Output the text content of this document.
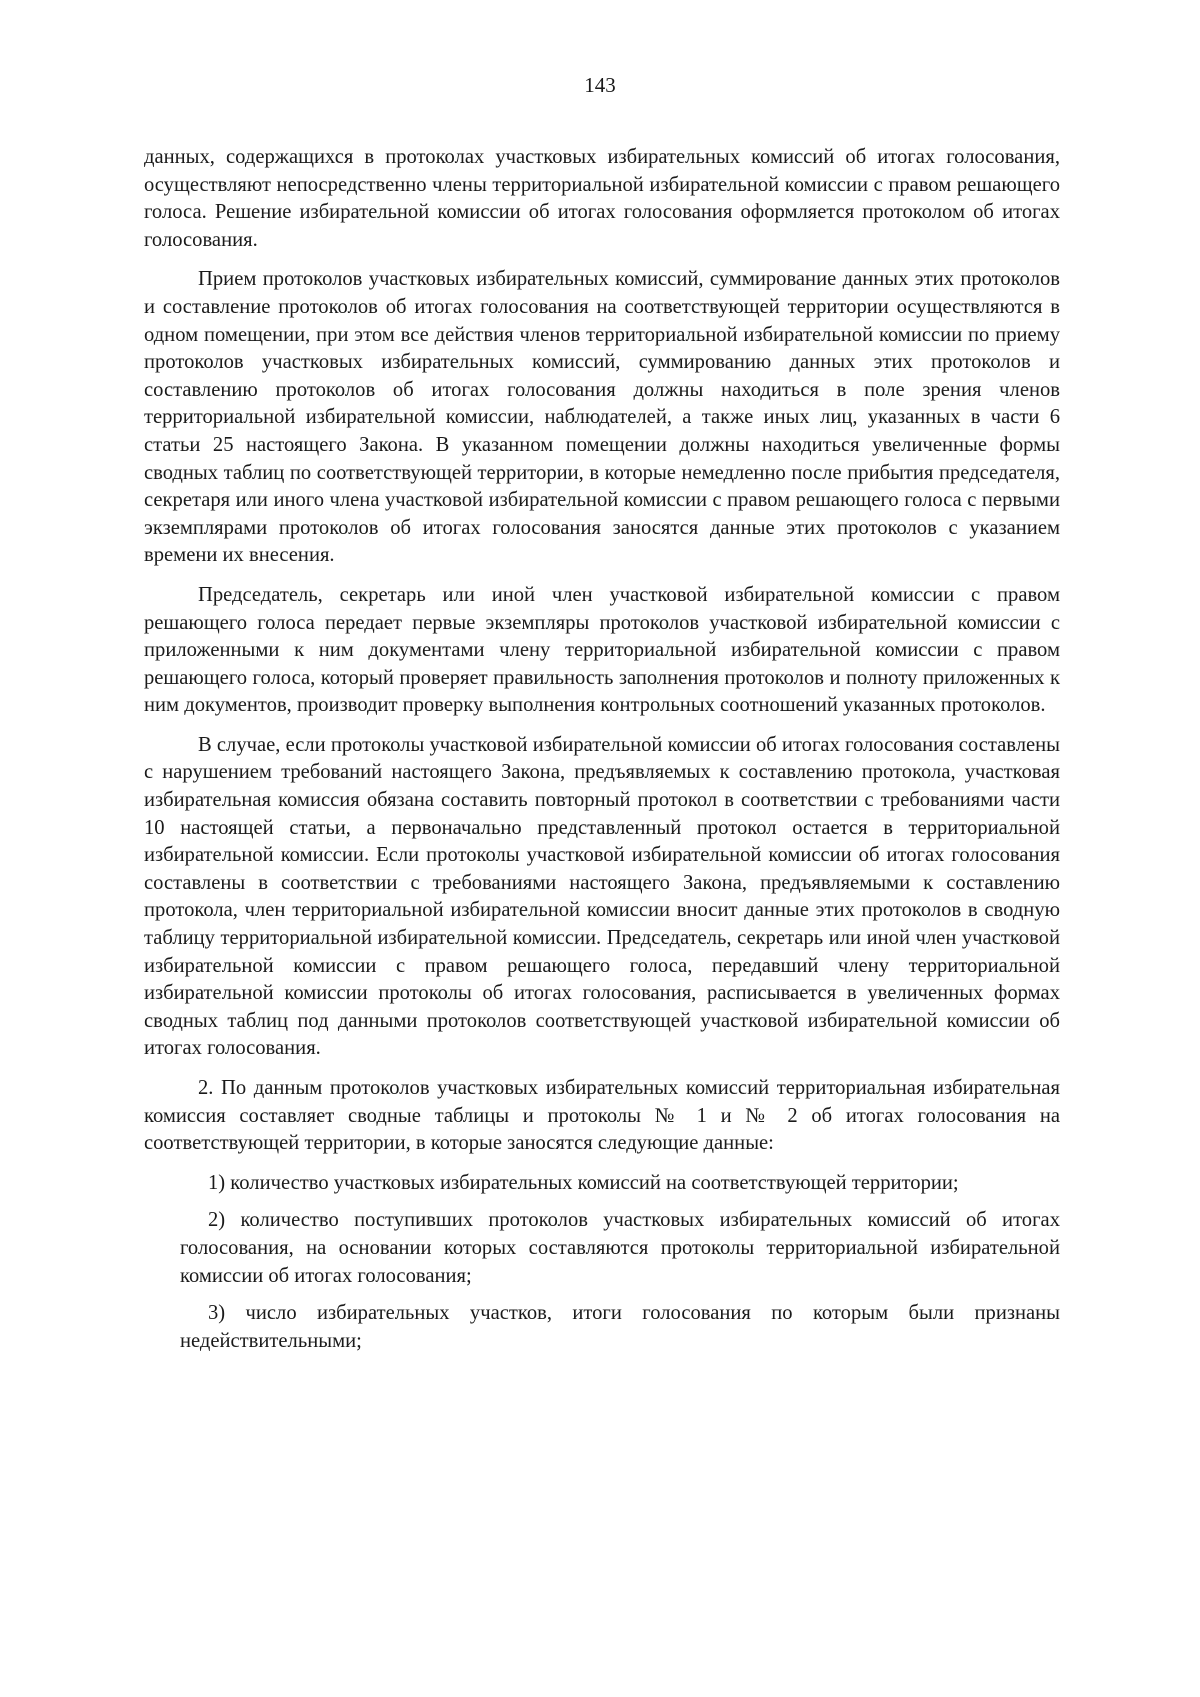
143

данных, содержащихся в протоколах участковых избирательных комиссий об итогах голосования, осуществляют непосредственно члены территориальной избирательной комиссии с правом решающего голоса. Решение избирательной комиссии об итогах голосования оформляется протоколом об итогах голосования.

Прием протоколов участковых избирательных комиссий, суммирование данных этих протоколов и составление протоколов об итогах голосования на соответствующей территории осуществляются в одном помещении, при этом все действия членов территориальной избирательной комиссии по приему протоколов участковых избирательных комиссий, суммированию данных этих протоколов и составлению протоколов об итогах голосования должны находиться в поле зрения членов территориальной избирательной комиссии, наблюдателей, а также иных лиц, указанных в части 6 статьи 25 настоящего Закона. В указанном помещении должны находиться увеличенные формы сводных таблиц по соответствующей территории, в которые немедленно после прибытия председателя, секретаря или иного члена участковой избирательной комиссии с правом решающего голоса с первыми экземплярами протоколов об итогах голосования заносятся данные этих протоколов с указанием времени их внесения.

Председатель, секретарь или иной член участковой избирательной комиссии с правом решающего голоса передает первые экземпляры протоколов участковой избирательной комиссии с приложенными к ним документами члену территориальной избирательной комиссии с правом решающего голоса, который проверяет правильность заполнения протоколов и полноту приложенных к ним документов, производит проверку выполнения контрольных соотношений указанных протоколов.

В случае, если протоколы участковой избирательной комиссии об итогах голосования составлены с нарушением требований настоящего Закона, предъявляемых к составлению протокола, участковая избирательная комиссия обязана составить повторный протокол в соответствии с требованиями части 10 настоящей статьи, а первоначально представленный протокол остается в территориальной избирательной комиссии. Если протоколы участковой избирательной комиссии об итогах голосования составлены в соответствии с требованиями настоящего Закона, предъявляемыми к составлению протокола, член территориальной избирательной комиссии вносит данные этих протоколов в сводную таблицу территориальной избирательной комиссии. Председатель, секретарь или иной член участковой избирательной комиссии с правом решающего голоса, передавший члену территориальной избирательной комиссии протоколы об итогах голосования, расписывается в увеличенных формах сводных таблиц под данными протоколов соответствующей участковой избирательной комиссии об итогах голосования.

2. По данным протоколов участковых избирательных комиссий территориальная избирательная комиссия составляет сводные таблицы и протоколы № 1 и № 2 об итогах голосования на соответствующей территории, в которые заносятся следующие данные:

1) количество участковых избирательных комиссий на соответствующей территории;

2) количество поступивших протоколов участковых избирательных комиссий об итогах голосования, на основании которых составляются протоколы территориальной избирательной комиссии об итогах голосования;

3) число избирательных участков, итоги голосования по которым были признаны недействительными;
